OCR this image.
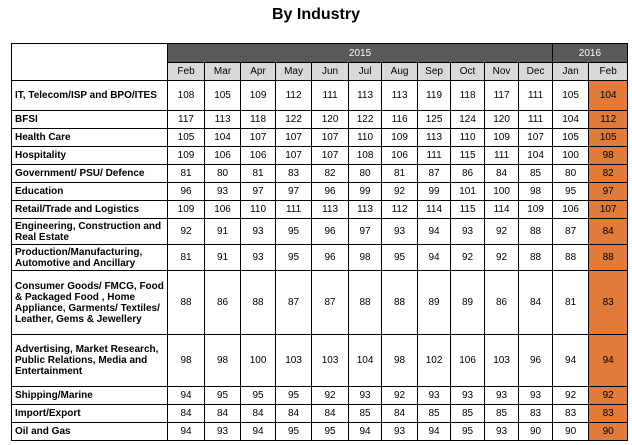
By Industry
	2015											2016	
	Feb	Mar	Apr	May	Jun	Jul	Aug	Sep	Oct	Nov	Dec	Jan	Feb
IT, Telecom/ISP and BPO/ITES	108	105	109	112	111	113	113	119	118	117	111	105	104
BFSI	117	113	118	122	120	122	116	125	124	120	111	104	112
Health Care	105	104	107	107	107	110	109	113	110	109	107	105	105
Hospitality	109	106	106	107	107	108	106	111	115	111	104	100	98
Government/ PSU/ Defence	81	80	81	83	82	80	81	87	86	84	85	80	82
Education	96	93	97	97	96	99	92	99	101	100	98	95	97
Retail/Trade and Logistics	109	106	110	111	113	113	112	114	115	114	109	106	107
Engineering, Construction and Real Estate	92	91	93	95	96	97	93	94	93	92	88	87	84
Production/Manufacturing, Automotive and Ancillary	81	91	93	95	96	98	95	94	92	92	88	88	88
Consumer Goods/ FMCG, Food & Packaged Food , Home Appliance, Garments/ Textiles/ Leather, Gems & Jewellery	88	86	88	87	87	88	88	89	89	86	84	81	83
Advertising, Market Research, Public Relations, Media and Entertainment	98	98	100	103	103	104	98	102	106	103	96	94	94
Shipping/Marine	94	95	95	95	92	93	92	93	93	93	93	92	92
Import/Export	84	84	84	84	84	85	84	85	85	85	83	83	83
Oil and Gas	94	93	94	95	95	94	93	94	95	93	90	90	90
